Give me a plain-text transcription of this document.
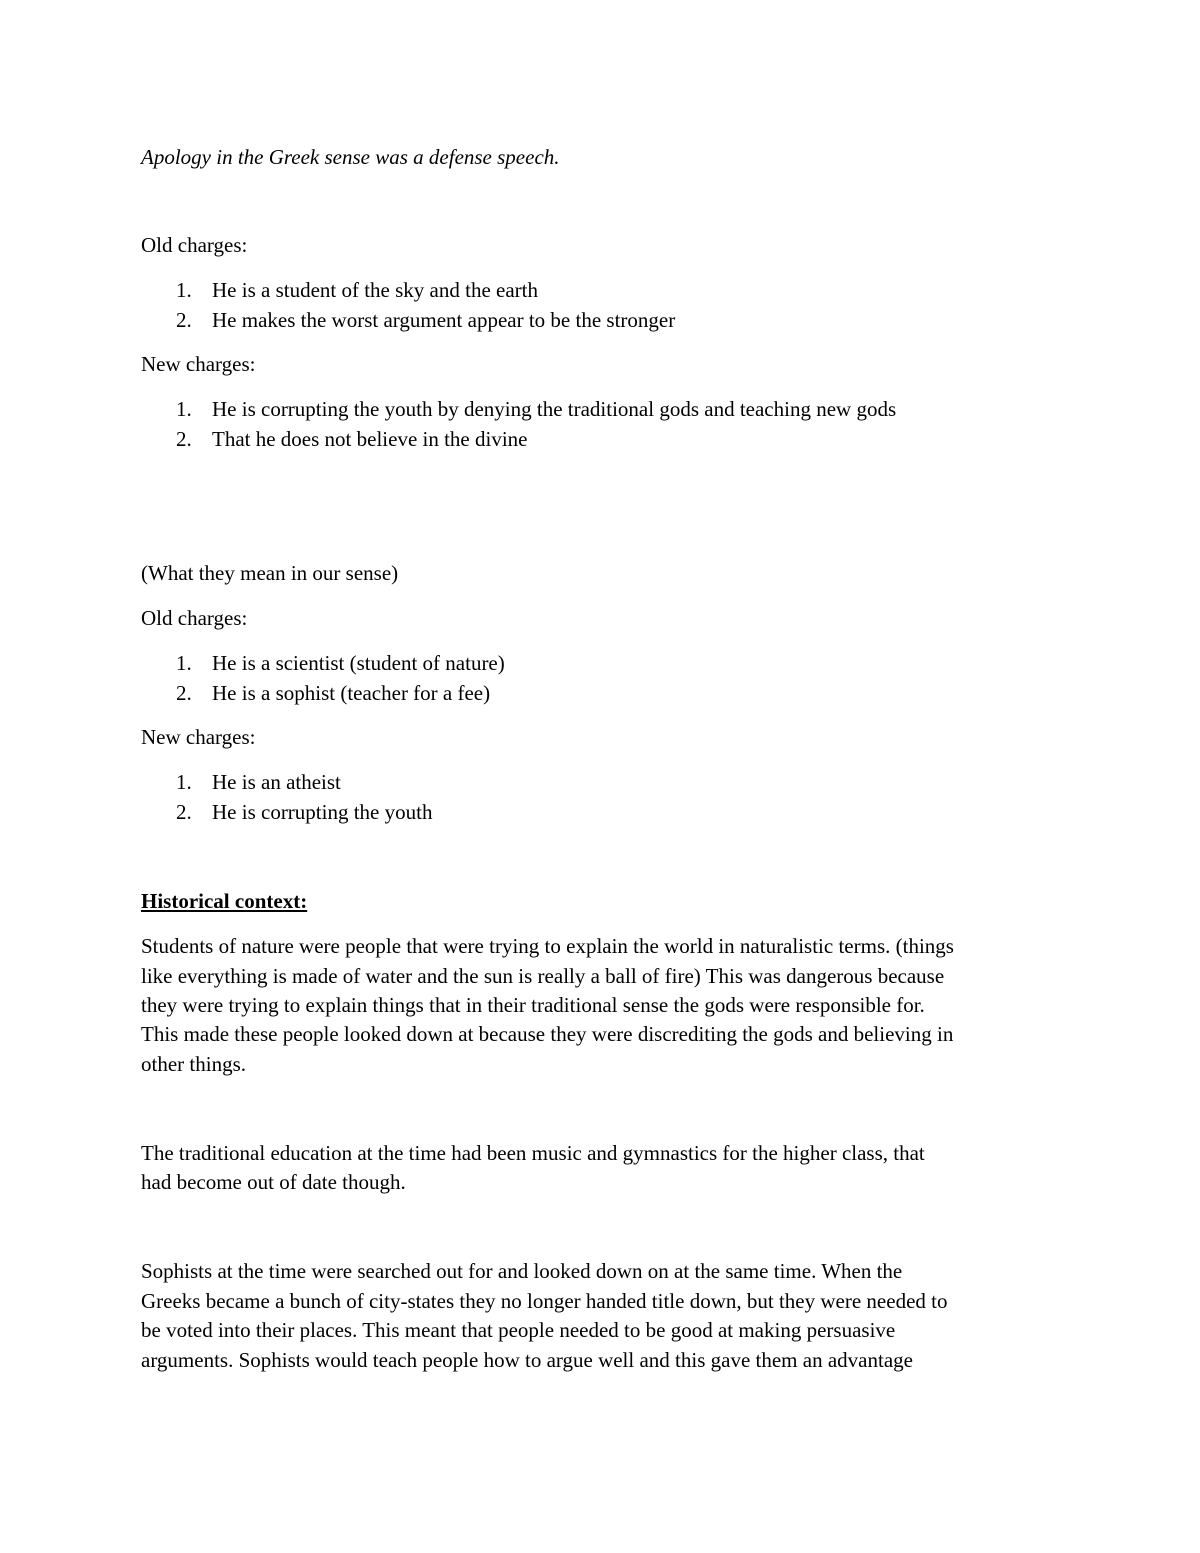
Apology in the Greek sense was a defense speech.

Old charges:

1. He is a student of the sky and the earth

2. He makes the worst argument appear to be the stronger

New charges:

1. He is corrupting the youth by denying the traditional gods and teaching new gods

2. That he does not believe in the divine

(What they mean in our sense)

Old charges:

1. He is a scientist (student of nature)

2. He is a sophist (teacher for a fee)

New charges:

1. He is an atheist

2. He is corrupting the youth

Historical context:

Students of nature were people that were trying to explain the world in naturalistic terms. (things

like everything is made of water and the sun is really a ball of fire) This was dangerous because

they were trying to explain things that in their traditional sense the gods were responsible for.

This made these people looked down at because they were discrediting the gods and believing in

other things.

The traditional education at the time had been music and gymnastics for the higher class, that

had become out of date though.

Sophists at the time were searched out for and looked down on at the same time. When the

Greeks became a bunch of city-states they no longer handed title down, but they were needed to

be voted into their places. This meant that people needed to be good at making persuasive

arguments. Sophists would teach people how to argue well and this gave them an advantage
